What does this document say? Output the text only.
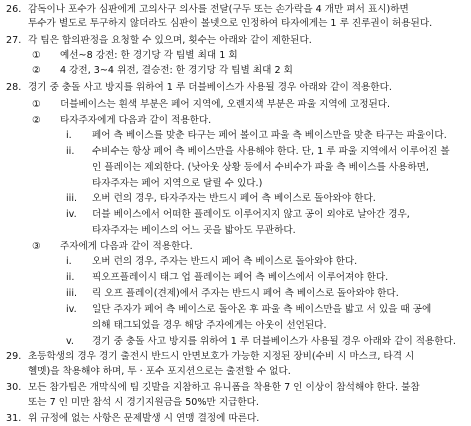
26. 감독이나 포수가 심판에게 고의사구 의사를 전달(구두 또는 손가락을 4 개만 펴서 표시)하면
투수가 별도로 투구하지 않더라도 심판이 볼넷으로 인정하여 타자에게는 1 루 진루권이 허용된다.
27. 각 팀은 합의판정을 요청할 수 있으며, 횟수는 아래와 같이 제한된다.
① 예선~8 강전: 한 경기당 각 팀별 최대 1 회
② 4 강전, 3~4 위전, 결승전: 한 경기당 각 팀별 최대 2 회
28. 경기 중 충돌 사고 방지를 위하여 1 루 더블베이스가 사용될 경우 아래와 같이 적용한다.
① 더블베이스는 흰색 부분은 페어 지역에, 오렌지색 부분은 파울 지역에 고정된다.
② 타자주자에게 다음과 같이 적용한다.
i. 페어 측 베이스를 맞춘 타구는 페어 볼이고 파울 측 베이스만을 맞춘 타구는 파울이다.
ii. 수비수는 항상 페어 측 베이스만을 사용해야 한다. 단, 1 루 파울 지역에서 이루어진 볼
인 플레이는 제외한다. (낫아웃 상황 등에서 수비수가 파울 측 베이스를 사용하면,
타자주자는 페어 지역으로 달릴 수 있다.)
iii. 오버 런의 경우, 타자주자는 반드시 페어 측 베이스로 돌아와야 한다.
iv. 더블 베이스에서 어떠한 플레이도 이루어지지 않고 공이 외야로 날아간 경우,
타자주자는 베이스의 어느 곳을 밟아도 무관하다.
③ 주자에게 다음과 같이 적용한다.
i. 오버 런의 경우, 주자는 반드시 페어 측 베이스로 돌아와야 한다.
ii. 픽오프플레이시 태그 업 플레이는 페어 측 베이스에서 이루어져야 한다.
iii. 릭 오프 플레이(견제)에서 주자는 반드시 페어 측 베이스로 돌아와야 한다.
iv. 일단 주자가 페어 측 베이스로 돌아온 후 파울 측 베이스만을 밟고 서 있을 때 공에
의해 태그되었을 경우 해당 주자에게는 아웃이 선언된다.
v. 경기 중 충돌 사고 방지를 위하여 1 루 더블베이스가 사용될 경우 아래와 같이 적용한다.
29. 초등학생의 경우 경기 출전시 반드시 안면보호가 가능한 지정된 장비(수비 시 마스크, 타격 시
헬멧)을 착용해야 하며, 투 · 포수 포지션으로는 출전할 수 없다.
30. 모든 참가팀은 개막식에 팀 깃발을 지참하고 유니폼을 착용한 7 인 이상이 참석해야 한다. 불참
또는 7 인 미만 참석 시 경기지원금을 50%만 지급한다.
31. 위 규정에 없는 사항은 문제발생 시 연맹 결정에 따른다.
